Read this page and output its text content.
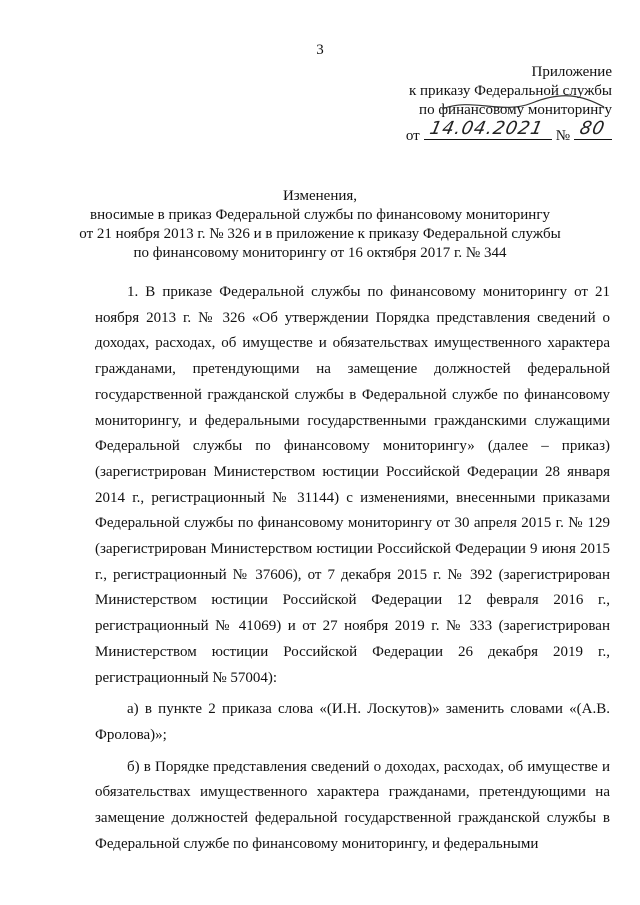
3
Приложение
к приказу Федеральной службы
по финансовому мониторингу
от 14.04.2021 № 80
Изменения,
вносимые в приказ Федеральной службы по финансовому мониторингу
от 21 ноября 2013 г. № 326 и в приложение к приказу Федеральной службы
по финансовому мониторингу от 16 октября 2017 г. № 344

1. В приказе Федеральной службы по финансовому мониторингу от 21 ноября 2013 г. № 326 «Об утверждении Порядка представления сведений о доходах, расходах, об имуществе и обязательствах имущественного характера гражданами, претендующими на замещение должностей федеральной государственной гражданской службы в Федеральной службе по финансовому мониторингу, и федеральными государственными гражданскими служащими Федеральной службы по финансовому мониторингу» (далее – приказ) (зарегистрирован Министерством юстиции Российской Федерации 28 января 2014 г., регистрационный № 31144) с изменениями, внесенными приказами Федеральной службы по финансовому мониторингу от 30 апреля 2015 г. № 129 (зарегистрирован Министерством юстиции Российской Федерации 9 июня 2015 г., регистрационный № 37606), от 7 декабря 2015 г. № 392 (зарегистрирован Министерством юстиции Российской Федерации 12 февраля 2016 г., регистрационный № 41069) и от 27 ноября 2019 г. № 333 (зарегистрирован Министерством юстиции Российской Федерации 26 декабря 2019 г., регистрационный № 57004):

а) в пункте 2 приказа слова «(И.Н. Лоскутов)» заменить словами «(А.В. Фролова)»;

б) в Порядке представления сведений о доходах, расходах, об имуществе и обязательствах имущественного характера гражданами, претендующими на замещение должностей федеральной государственной гражданской службы в Федеральной службе по финансовому мониторингу, и федеральными
